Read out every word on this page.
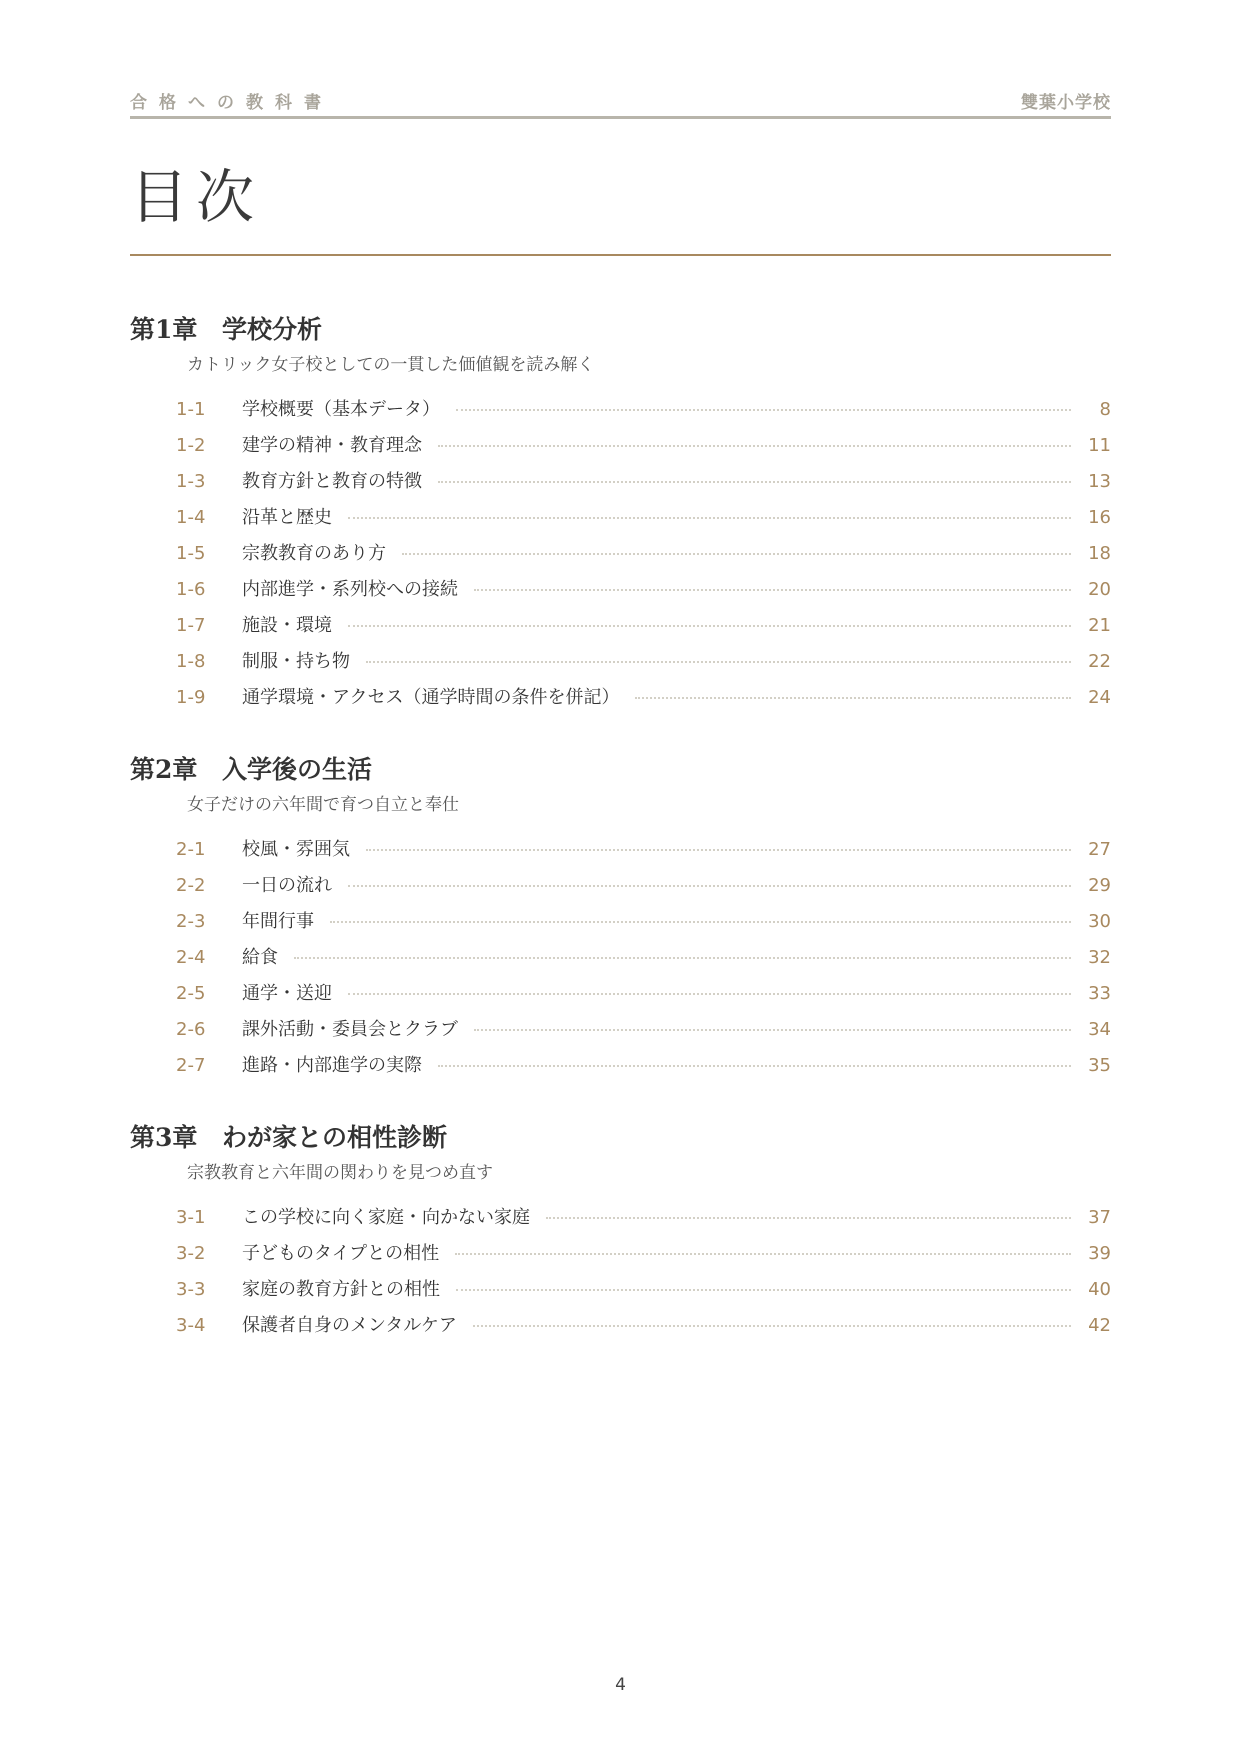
合格への教科書	雙葉小学校
目次
第1章 学校分析
カトリック女子校としての一貫した価値観を読み解く
1-1 学校概要（基本データ）	8
1-2 建学の精神・教育理念	11
1-3 教育方針と教育の特徴	13
1-4 沿革と歴史	16
1-5 宗教教育のあり方	18
1-6 内部進学・系列校への接続	20
1-7 施設・環境	21
1-8 制服・持ち物	22
1-9 通学環境・アクセス（通学時間の条件を併記）	24
第2章 入学後の生活
女子だけの六年間で育つ自立と奉仕
2-1 校風・雰囲気	27
2-2 一日の流れ	29
2-3 年間行事	30
2-4 給食	32
2-5 通学・送迎	33
2-6 課外活動・委員会とクラブ	34
2-7 進路・内部進学の実際	35
第3章 わが家との相性診断
宗教教育と六年間の関わりを見つめ直す
3-1 この学校に向く家庭・向かない家庭	37
3-2 子どものタイプとの相性	39
3-3 家庭の教育方針との相性	40
3-4 保護者自身のメンタルケア	42
4
